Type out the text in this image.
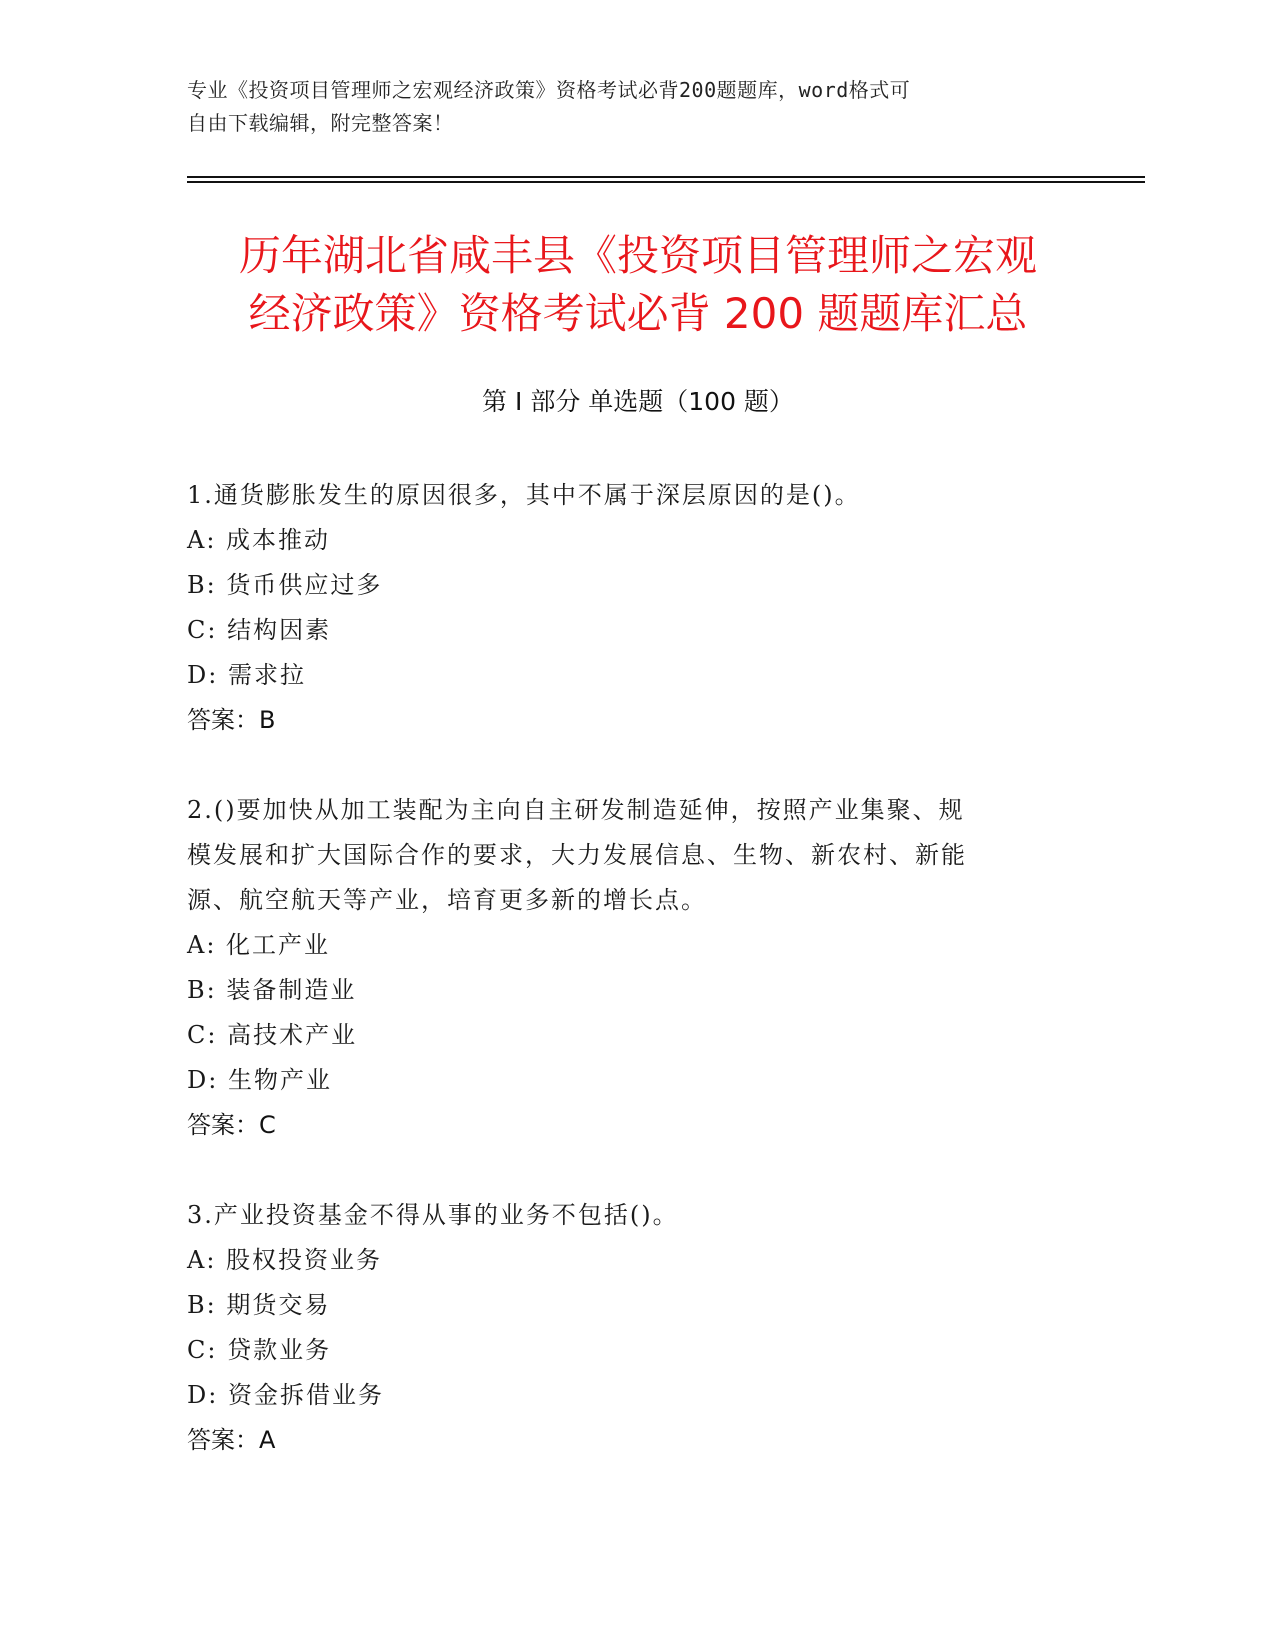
专业《投资项目管理师之宏观经济政策》资格考试必背200题题库，word格式可
自由下载编辑，附完整答案！
历年湖北省咸丰县《投资项目管理师之宏观
经济政策》资格考试必背 200 题题库汇总
第 I 部分 单选题（100 题）

1.通货膨胀发生的原因很多，其中不属于深层原因的是()。

A: 成本推动

B: 货币供应过多

C: 结构因素

D: 需求拉

答案：B

2.()要加快从加工装配为主向自主研发制造延伸，按照产业集聚、规

模发展和扩大国际合作的要求，大力发展信息、生物、新农村、新能

源、航空航天等产业，培育更多新的增长点。

A: 化工产业

B: 装备制造业

C: 高技术产业

D: 生物产业

答案：C

3.产业投资基金不得从事的业务不包括()。

A: 股权投资业务

B: 期货交易

C: 贷款业务

D: 资金拆借业务

答案：A
